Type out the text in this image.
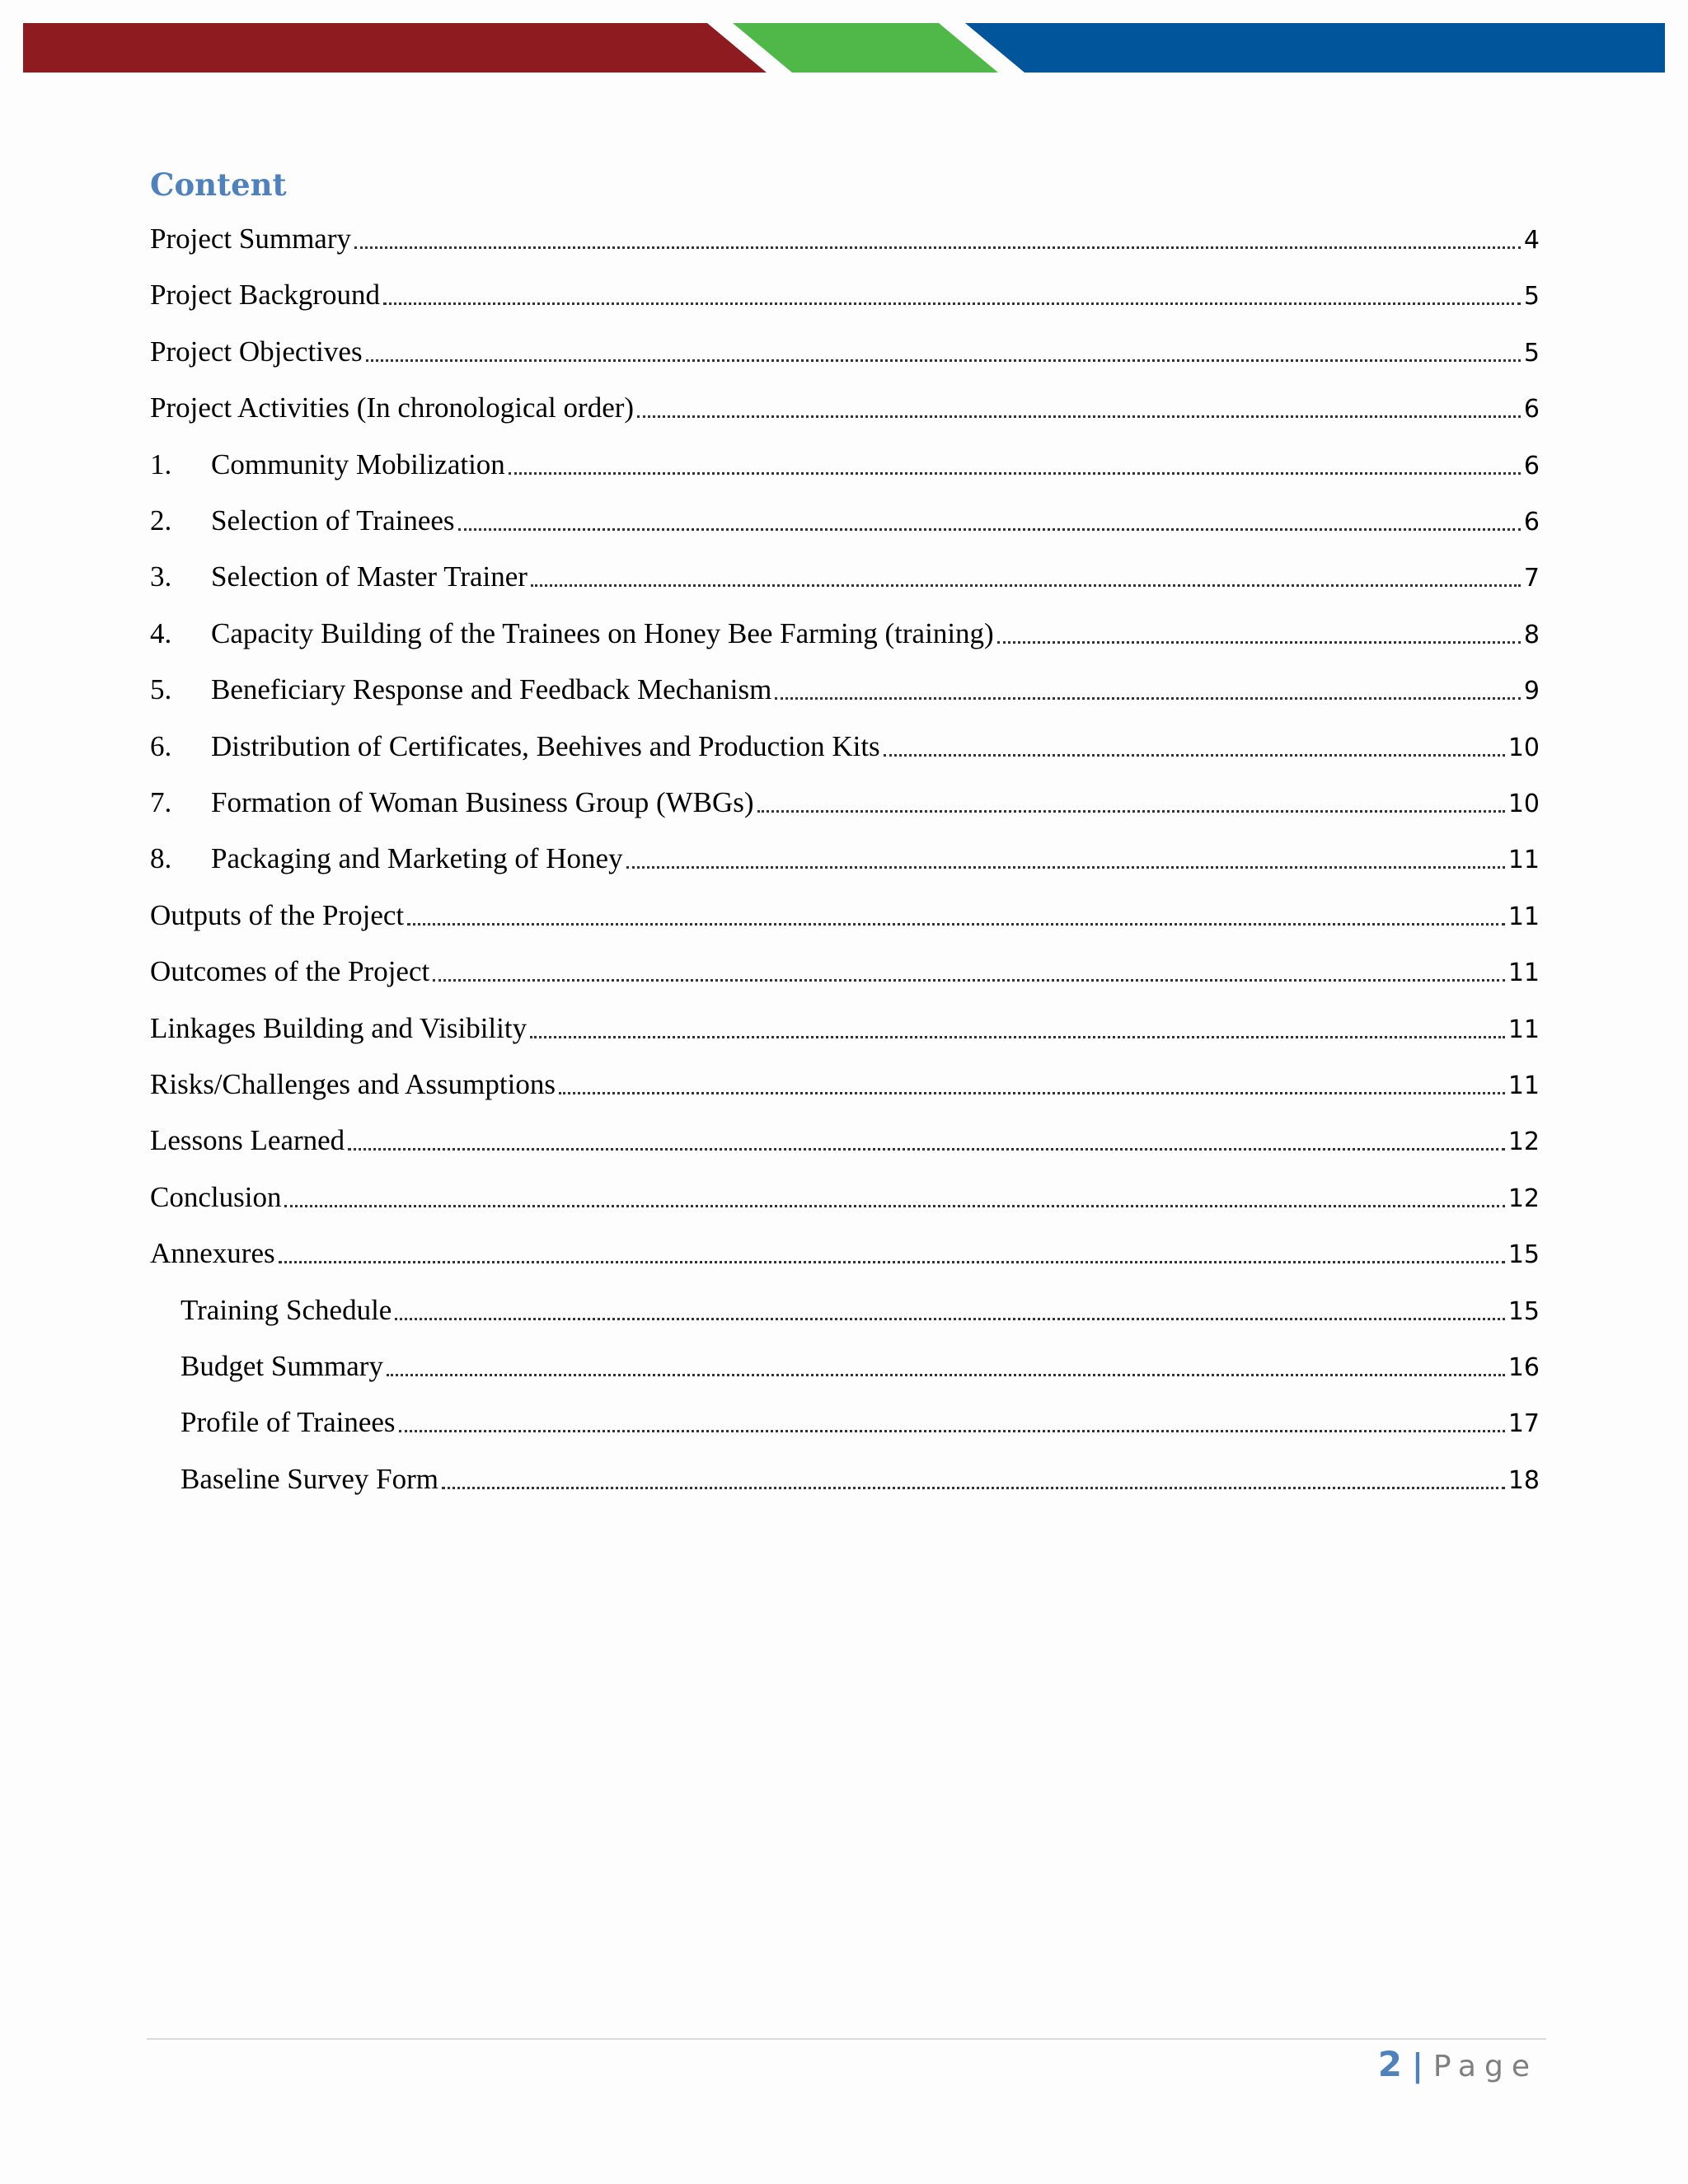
Content
Project Summary	4
Project Background	5
Project Objectives	5
Project Activities (In chronological order)	6
1.	Community Mobilization	6
2.	Selection of Trainees	6
3.	Selection of Master Trainer	7
4.	Capacity Building of the Trainees on Honey Bee Farming (training)	8
5.	Beneficiary Response and Feedback Mechanism	9
6.	Distribution of Certificates, Beehives and Production Kits	10
7.	Formation of Woman Business Group (WBGs)	10
8.	Packaging and Marketing of Honey	11
Outputs of the Project	11
Outcomes of the Project	11
Linkages Building and Visibility	11
Risks/Challenges and Assumptions	11
Lessons Learned	12
Conclusion	12
Annexures	15
Training Schedule	15
Budget Summary	16
Profile of Trainees	17
Baseline Survey Form	18
2 | Page
